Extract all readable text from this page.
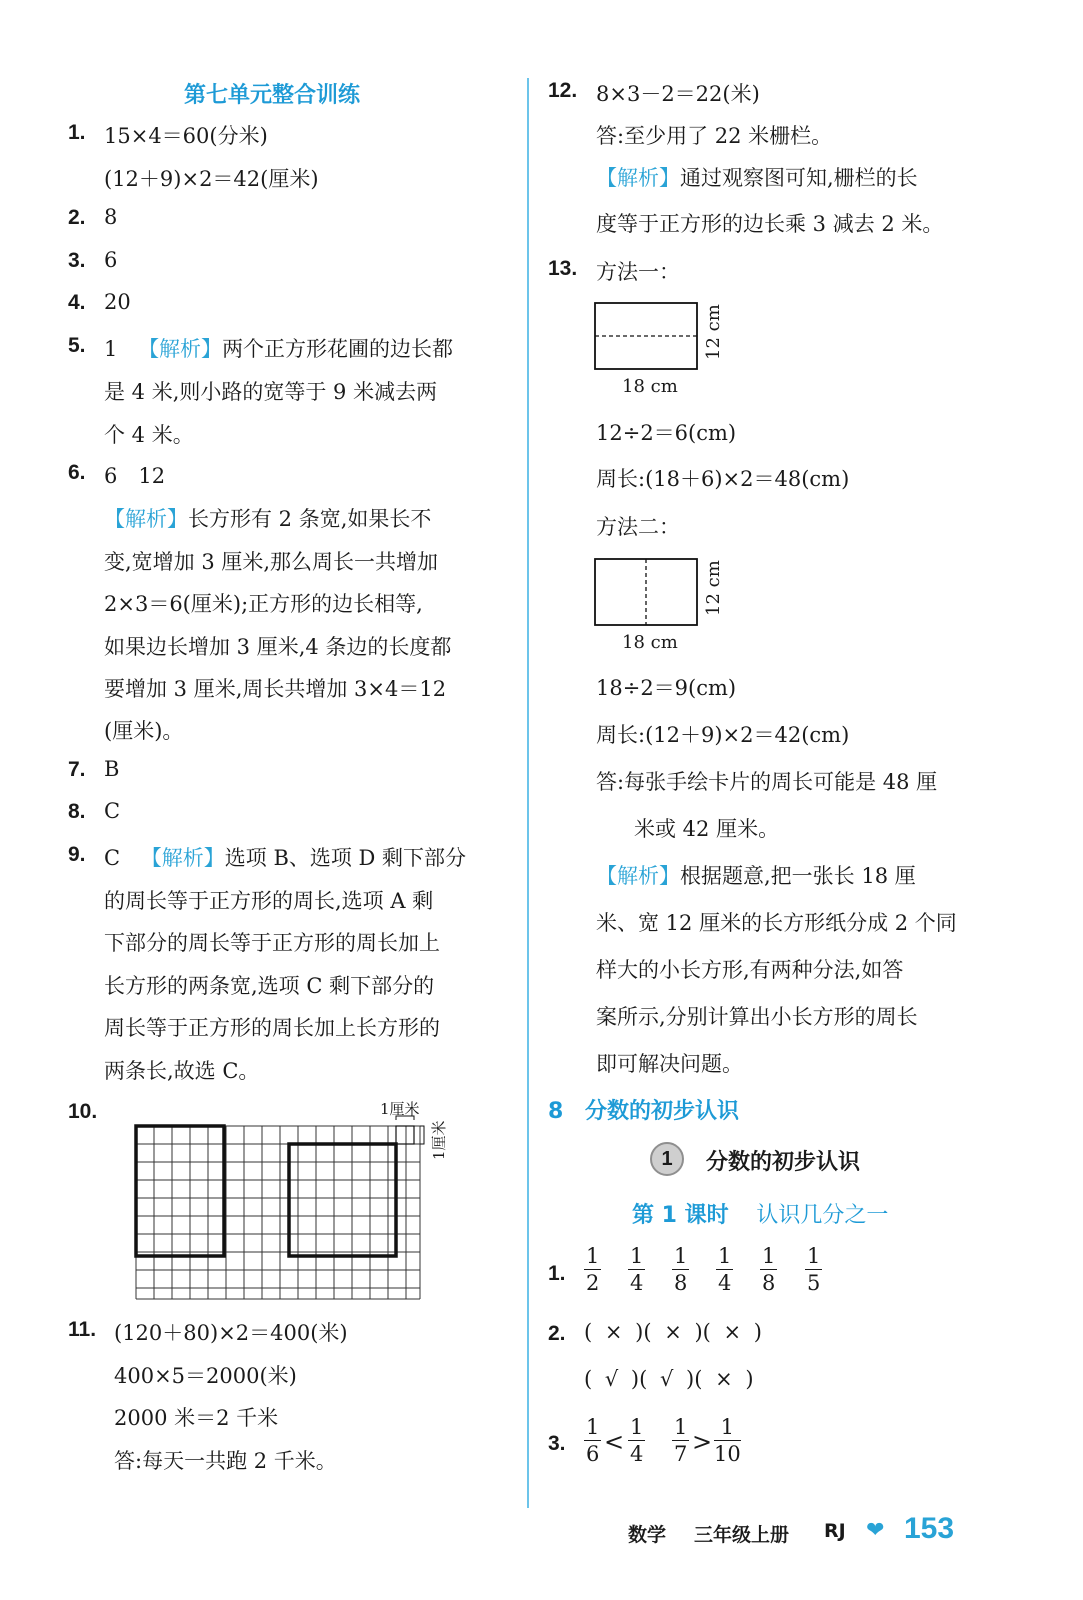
第七单元整合训练
1. 15×4＝60(分米)
(12＋9)×2＝42(厘米)
2. 8
3. 6
4. 20
5. 1 【解析】两个正方形花圃的边长都
是 4 米,则小路的宽等于 9 米减去两
个 4 米。
6. 6　12
【解析】长方形有 2 条宽,如果长不
变,宽增加 3 厘米,那么周长一共增加
2×3＝6(厘米);正方形的边长相等,
如果边长增加 3 厘米,4 条边的长度都
要增加 3 厘米,周长共增加 3×4＝12
(厘米)。
7. B
8. C
9. C 【解析】选项 B、选项 D 剩下部分
的周长等于正方形的周长,选项 A 剩
下部分的周长等于正方形的周长加上
长方形的两条宽,选项 C 剩下部分的
周长等于正方形的周长加上长方形的
两条长,故选 C。
10.	1厘米
1厘米
11. (120＋80)×2＝400(米)
400×5＝2000(米)
2000 米＝2 千米
答:每天一共跑 2 千米。
12. 8×3－2＝22(米)
答:至少用了 22 米栅栏。
【解析】通过观察图可知,栅栏的长
度等于正方形的边长乘 3 减去 2 米。
13. 方法一：
12 cm
18 cm
12÷2＝6(cm)
周长:(18＋6)×2＝48(cm)
方法二：
12 cm
18 cm
18÷2＝9(cm)
周长:(12＋9)×2＝42(cm)
答:每张手绘卡片的周长可能是 48 厘
米或 42 厘米。
【解析】根据题意,把一张长 18 厘
米、宽 12 厘米的长方形纸分成 2 个同
样大的小长方形,有两种分法,如答
案所示,分别计算出小长方形的周长
即可解决问题。
8 分数的初步认识
1	分数的初步认识
第 1 课时 认识几分之一
1.
1
2
1
4
1
8
1
4
1
8
1
5
2. ( × )( × )( × )
( √ )( √ )( × )
3.
1
6 <
1
4
1
7 >
1
10
数学 三年级上册 RJ ❤ 153
